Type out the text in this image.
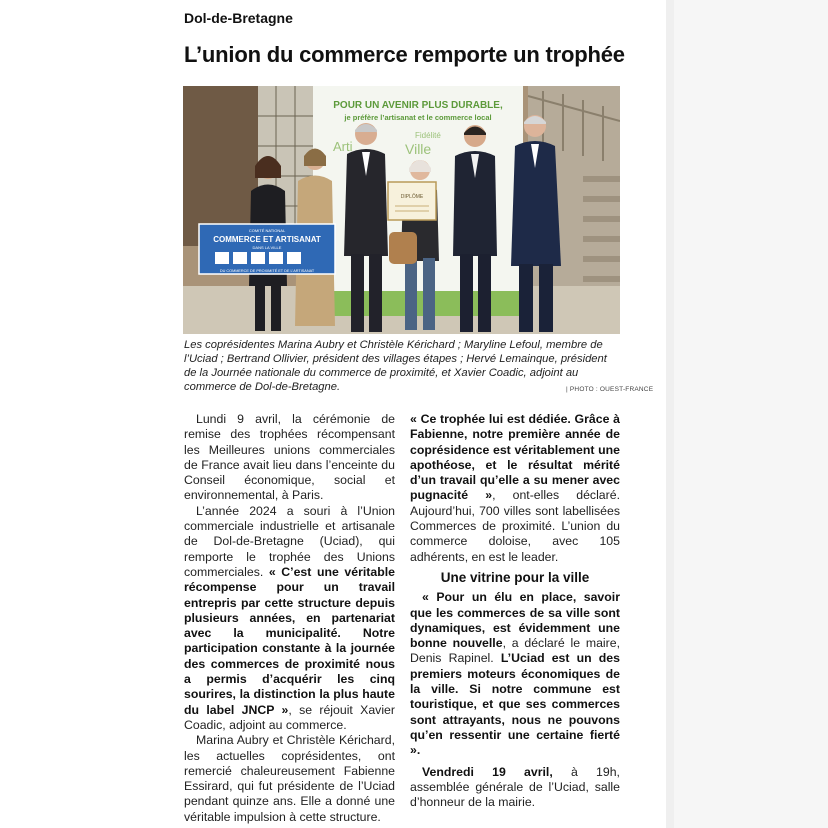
Dol-de-Bretagne
L’union du commerce remporte un trophée
POUR UN AVENIR PLUS DURABLE,
je préfère l’artisanat et le commerce local
Arti
Fidélité
Ville
DIPLÔME
COMITÉ NATIONAL
COMMERCE ET ARTISANAT
DANS LA VILLE
DU COMMERCE DE PROXIMITÉ ET DE L’ARTISANAT
Les coprésidentes Marina Aubry et Christèle Kérichard ; Maryline Lefoul, membre de l’Uciad ; Bertrand Ollivier, président des villages étapes ; Hervé Lemainque, président de la Journée nationale du commerce de proximité, et Xavier Coadic, adjoint au commerce de Dol-de-Bretagne.	| PHOTO : OUEST-FRANCE

Lundi 9 avril, la cérémonie de remise des trophées récompensant les Meilleures unions commerciales de France avait lieu dans l’enceinte du Conseil économique, social et environnemental, à Paris.

L’année 2024 a souri à l’Union commerciale industrielle et artisanale de Dol-de-Bretagne (Uciad), qui remporte le trophée des Unions commerciales. « C’est une véritable récompense pour un travail entrepris par cette structure depuis plusieurs années, en partenariat avec la municipalité. Notre participation constante à la journée des commerces de proximité nous a permis d’acquérir les cinq sourires, la distinction la plus haute du label JNCP », se réjouit Xavier Coadic, adjoint au commerce.

Marina Aubry et Christèle Kérichard, les actuelles coprésidentes, ont remercié chaleureusement Fabienne Essirard, qui fut présidente de l’Uciad pendant quinze ans. Elle a donné une véritable impulsion à cette structure.

« Ce trophée lui est dédiée. Grâce à Fabienne, notre première année de coprésidence est véritablement une apothéose, et le résultat mérité d’un travail qu’elle a su mener avec pugnacité », ont-elles déclaré. Aujourd’hui, 700 villes sont labellisées Commerces de proximité. L’union du commerce doloise, avec 105 adhérents, en est le leader.

Une vitrine pour la ville

« Pour un élu en place, savoir que les commerces de sa ville sont dynamiques, est évidemment une bonne nouvelle, a déclaré le maire, Denis Rapinel. L’Uciad est un des premiers moteurs économiques de la ville. Si notre commune est touristique, et que ses commerces sont attrayants, nous ne pouvons qu’en ressentir une certaine fierté ».

Vendredi 19 avril, à 19h, assemblée générale de l’Uciad, salle d’honneur de la mairie.
